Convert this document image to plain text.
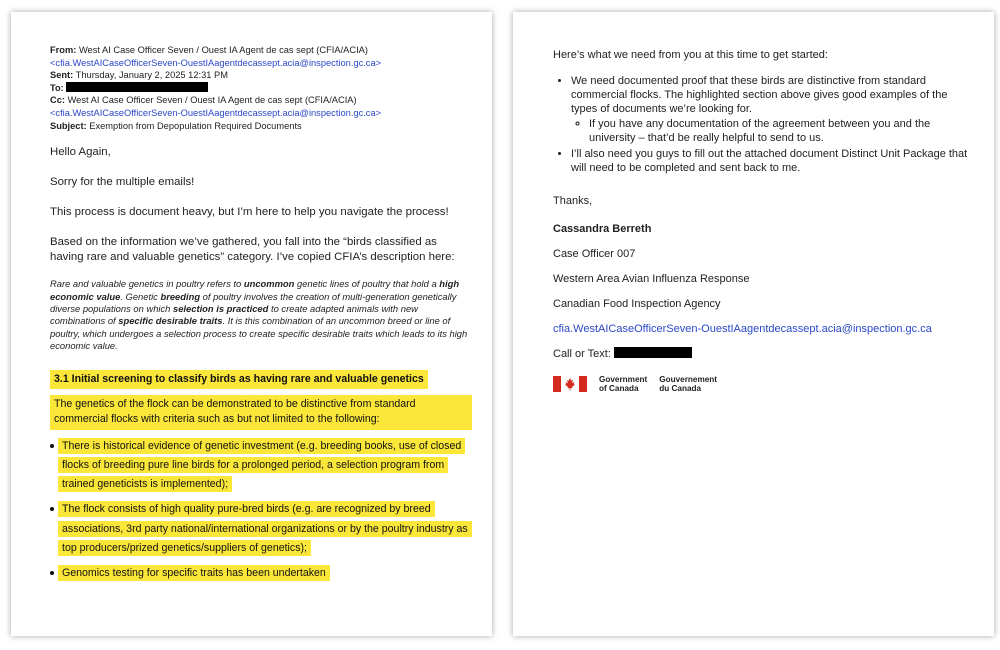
From: West AI Case Officer Seven / Ouest IA Agent de cas sept (CFIA/ACIA)
<cfia.WestAICaseOfficerSeven-OuestIAagentdecassept.acia@inspection.gc.ca>
Sent: Thursday, January 2, 2025 12:31 PM
To:
Cc: West AI Case Officer Seven / Ouest IA Agent de cas sept (CFIA/ACIA)
<cfia.WestAICaseOfficerSeven-OuestIAagentdecassept.acia@inspection.gc.ca>
Subject: Exemption from Depopulation Required Documents

Hello Again,

Sorry for the multiple emails!

This process is document heavy, but I’m here to help you navigate the process!

Based on the information we’ve gathered, you fall into the “birds classified as having rare and valuable genetics” category. I’ve copied CFIA’s description here:

Rare and valuable genetics in poultry refers to uncommon genetic lines of poultry that hold a high economic value. Genetic breeding of poultry involves the creation of multi-generation genetically diverse populations on which selection is practiced to create adapted animals with new combinations of specific desirable traits. It is this combination of an uncommon breed or line of poultry, which undergoes a selection process to create specific desirable traits which leads to its high economic value.
3.1 Initial screening to classify birds as having rare and valuable genetics
The genetics of the flock can be demonstrated to be distinctive from standard commercial flocks with criteria such as but not limited to the following:
There is historical evidence of genetic investment (e.g. breeding books, use of closed flocks of breeding pure line birds for a prolonged period, a selection program from trained geneticists is implemented);
The flock consists of high quality pure-bred birds (e.g. are recognized by breed associations, 3rd party national/international organizations or by the poultry industry as top producers/prized genetics/suppliers of genetics);
Genomics testing for specific traits has been undertaken

Here’s what we need from you at this time to get started:

• We need documented proof that these birds are distinctive from standard commercial flocks. The highlighted section above gives good examples of the types of documents we’re looking for.
◦ If you have any documentation of the agreement between you and the university – that’d be really helpful to send to us.
• I’ll also need you guys to fill out the attached document Distinct Unit Package that will need to be completed and sent back to me.

Thanks,

Cassandra Berreth

Case Officer 007

Western Area Avian Influenza Response

Canadian Food Inspection Agency

cfia.WestAICaseOfficerSeven-OuestIAagentdecassept.acia@inspection.gc.ca

Call or Text:

Government
of Canada
Gouvernement
du Canada
